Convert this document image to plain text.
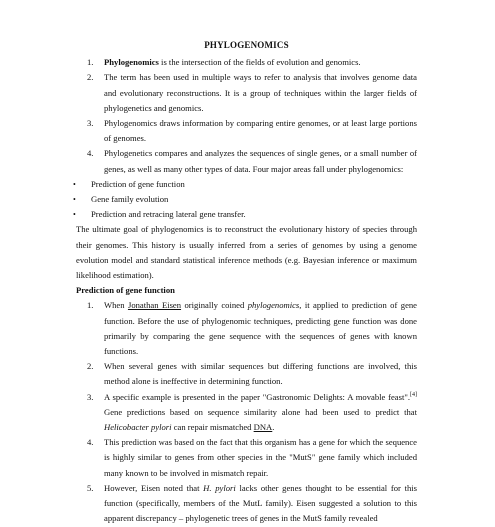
PHYLOGENOMICS
1. Phylogenomics is the intersection of the fields of evolution and genomics.
2. The term has been used in multiple ways to refer to analysis that involves genome data and evolutionary reconstructions. It is a group of techniques within the larger fields of phylogenetics and genomics.
3. Phylogenomics draws information by comparing entire genomes, or at least large portions of genomes.
4. Phylogenetics compares and analyzes the sequences of single genes, or a small number of genes, as well as many other types of data. Four major areas fall under phylogenomics:
• Prediction of gene function
• Gene family evolution
• Prediction and retracing lateral gene transfer.

The ultimate goal of phylogenomics is to reconstruct the evolutionary history of species through their genomes. This history is usually inferred from a series of genomes by using a genome evolution model and standard statistical inference methods (e.g. Bayesian inference or maximum likelihood estimation).

Prediction of gene function

1. When Jonathan Eisen originally coined phylogenomics, it applied to prediction of gene function. Before the use of phylogenomic techniques, predicting gene function was done primarily by comparing the gene sequence with the sequences of genes with known functions.
2. When several genes with similar sequences but differing functions are involved, this method alone is ineffective in determining function.
3. A specific example is presented in the paper "Gastronomic Delights: A movable feast".[4] Gene predictions based on sequence similarity alone had been used to predict that Helicobacter pylori can repair mismatched DNA.
4. This prediction was based on the fact that this organism has a gene for which the sequence is highly similar to genes from other species in the "MutS" gene family which included many known to be involved in mismatch repair.
5. However, Eisen noted that H. pylori lacks other genes thought to be essential for this function (specifically, members of the MutL family). Eisen suggested a solution to this apparent discrepancy – phylogenetic trees of genes in the MutS family revealed
